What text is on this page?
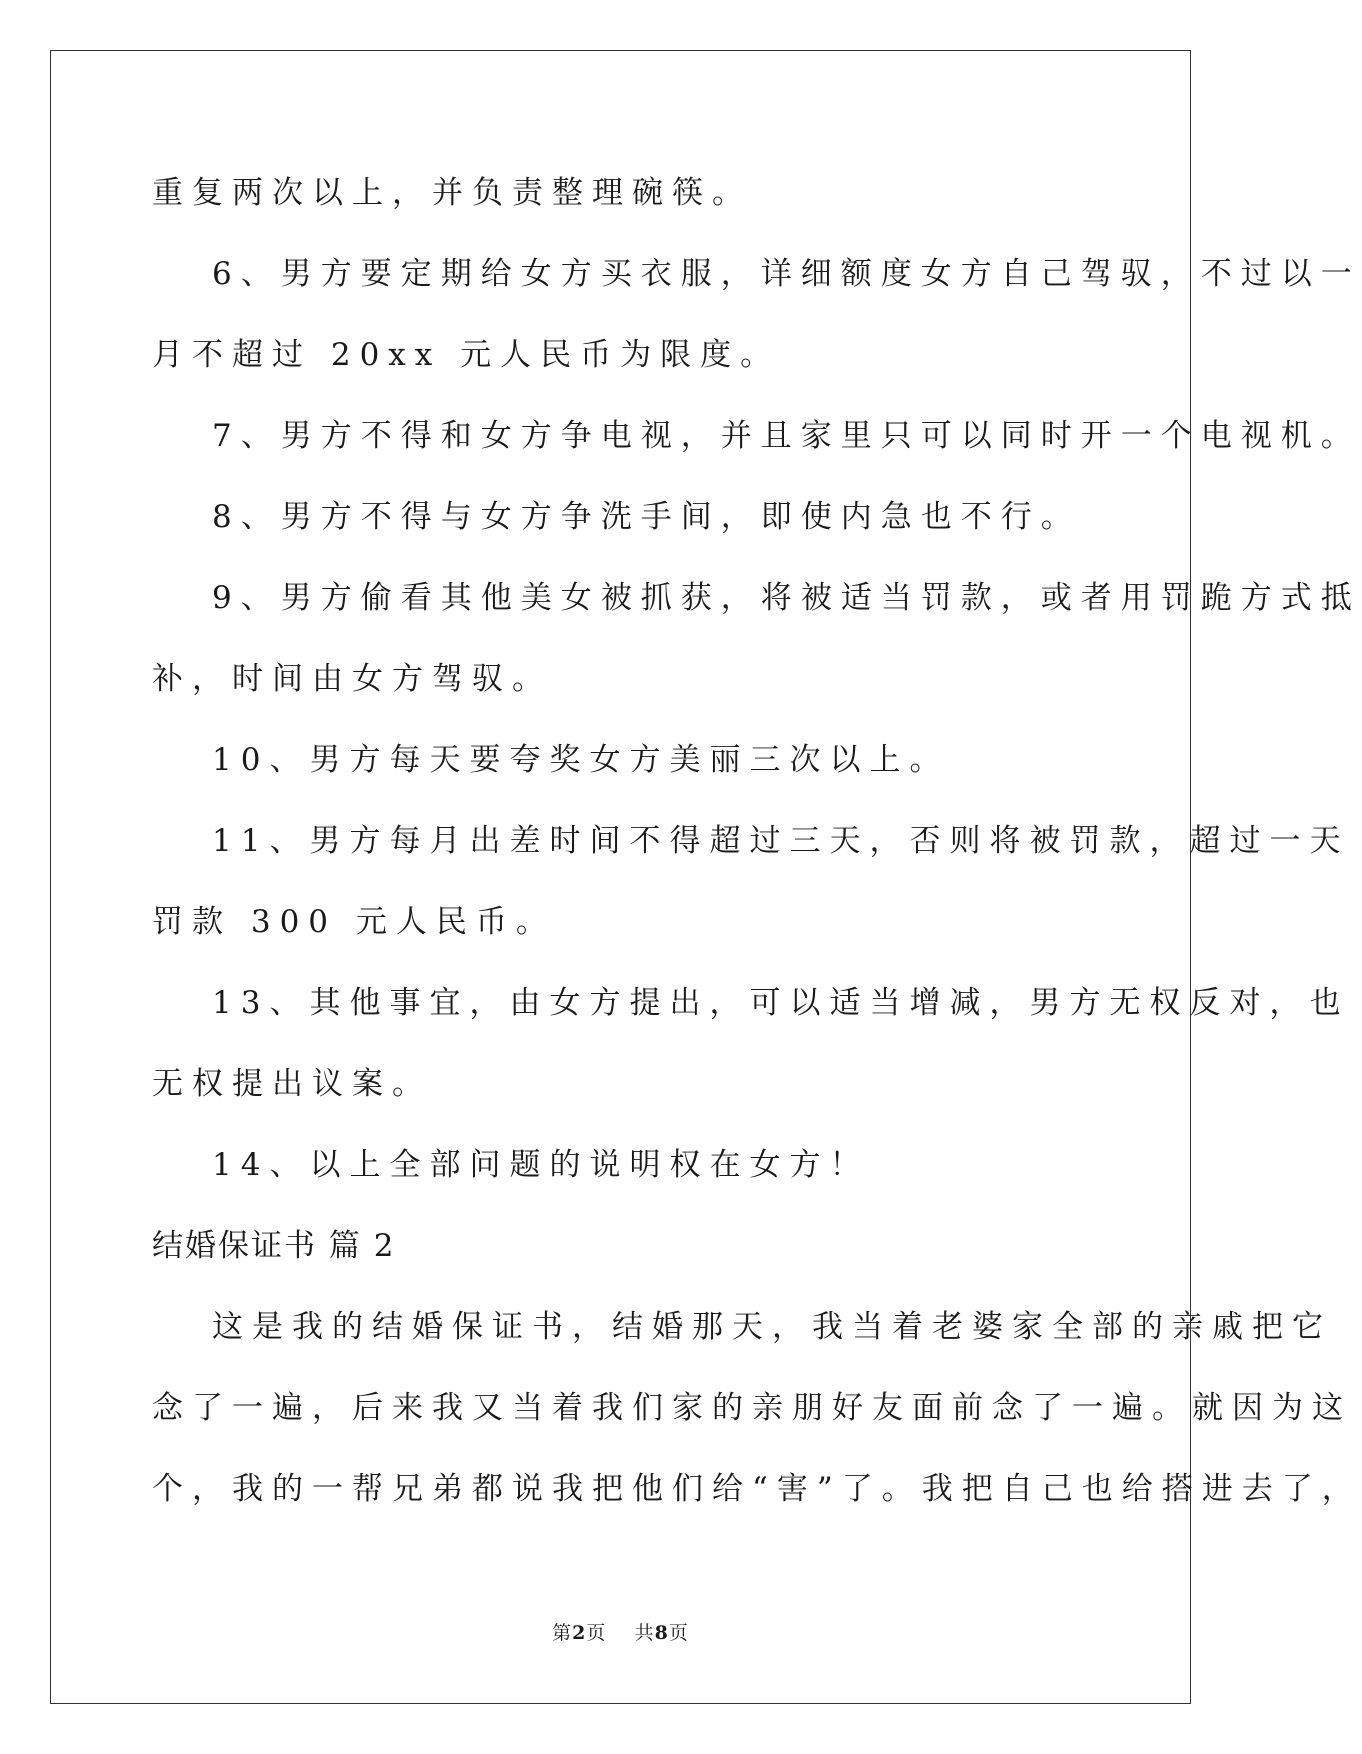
重复两次以上，并负责整理碗筷。
6、男方要定期给女方买衣服，详细额度女方自己驾驭，不过以一
月不超过 20xx 元人民币为限度。
7、男方不得和女方争电视，并且家里只可以同时开一个电视机。
8、男方不得与女方争洗手间，即使内急也不行。
9、男方偷看其他美女被抓获，将被适当罚款，或者用罚跪方式抵
补，时间由女方驾驭。
10、男方每天要夸奖女方美丽三次以上。
11、男方每月出差时间不得超过三天，否则将被罚款，超过一天
罚款 300 元人民币。
13、其他事宜，由女方提出，可以适当增减，男方无权反对，也
无权提出议案。
14、以上全部问题的说明权在女方！
结婚保证书 篇 2
这是我的结婚保证书，结婚那天，我当着老婆家全部的亲戚把它
念了一遍，后来我又当着我们家的亲朋好友面前念了一遍。就因为这
个，我的一帮兄弟都说我把他们给“害”了。我把自己也给搭进去了，
第2页 共8页
